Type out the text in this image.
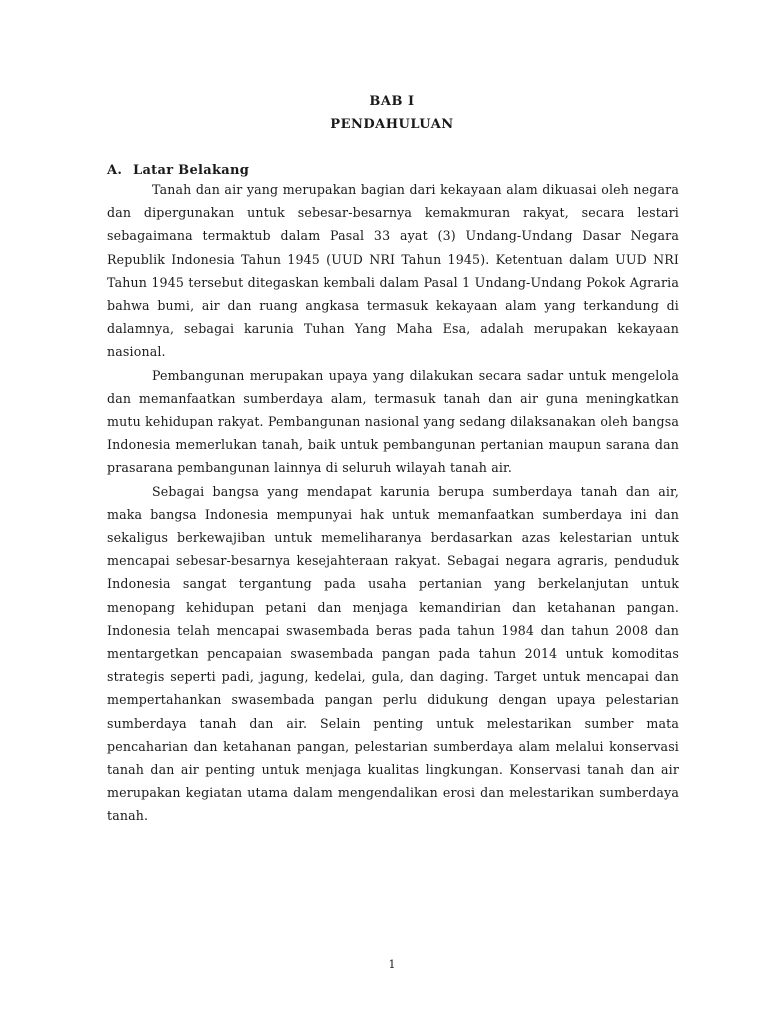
BAB I
PENDAHULUAN
A. Latar Belakang

Tanah dan air yang merupakan bagian dari kekayaan alam dikuasai oleh negara dan dipergunakan untuk sebesar-besarnya kemakmuran rakyat, secara lestari sebagaimana termaktub dalam Pasal 33 ayat (3) Undang-Undang Dasar Negara Republik Indonesia Tahun 1945 (UUD NRI Tahun 1945). Ketentuan dalam UUD NRI Tahun 1945 tersebut ditegaskan kembali dalam Pasal 1 Undang-Undang Pokok Agraria bahwa bumi, air dan ruang angkasa termasuk kekayaan alam yang terkandung di dalamnya, sebagai karunia Tuhan Yang Maha Esa, adalah merupakan kekayaan nasional.

Pembangunan merupakan upaya yang dilakukan secara sadar untuk mengelola dan memanfaatkan sumberdaya alam, termasuk tanah dan air guna meningkatkan mutu kehidupan rakyat. Pembangunan nasional yang sedang dilaksanakan oleh bangsa Indonesia memerlukan tanah, baik untuk pembangunan pertanian maupun sarana dan prasarana pembangunan lainnya di seluruh wilayah tanah air.

Sebagai bangsa yang mendapat karunia berupa sumberdaya tanah dan air, maka bangsa Indonesia mempunyai hak untuk memanfaatkan sumberdaya ini dan sekaligus berkewajiban untuk memeliharanya berdasarkan azas kelestarian untuk mencapai sebesar-besarnya kesejahteraan rakyat. Sebagai negara agraris, penduduk Indonesia sangat tergantung pada usaha pertanian yang berkelanjutan untuk menopang kehidupan petani dan menjaga kemandirian dan ketahanan pangan. Indonesia telah mencapai swasembada beras pada tahun 1984 dan tahun 2008 dan mentargetkan pencapaian swasembada pangan pada tahun 2014 untuk komoditas strategis seperti padi, jagung, kedelai, gula, dan daging. Target untuk mencapai dan mempertahankan swasembada pangan perlu didukung dengan upaya pelestarian sumberdaya tanah dan air. Selain penting untuk melestarikan sumber mata pencaharian dan ketahanan pangan, pelestarian sumberdaya alam melalui konservasi tanah dan air penting untuk menjaga kualitas lingkungan. Konservasi tanah dan air merupakan kegiatan utama dalam mengendalikan erosi dan melestarikan sumberdaya tanah.

1
